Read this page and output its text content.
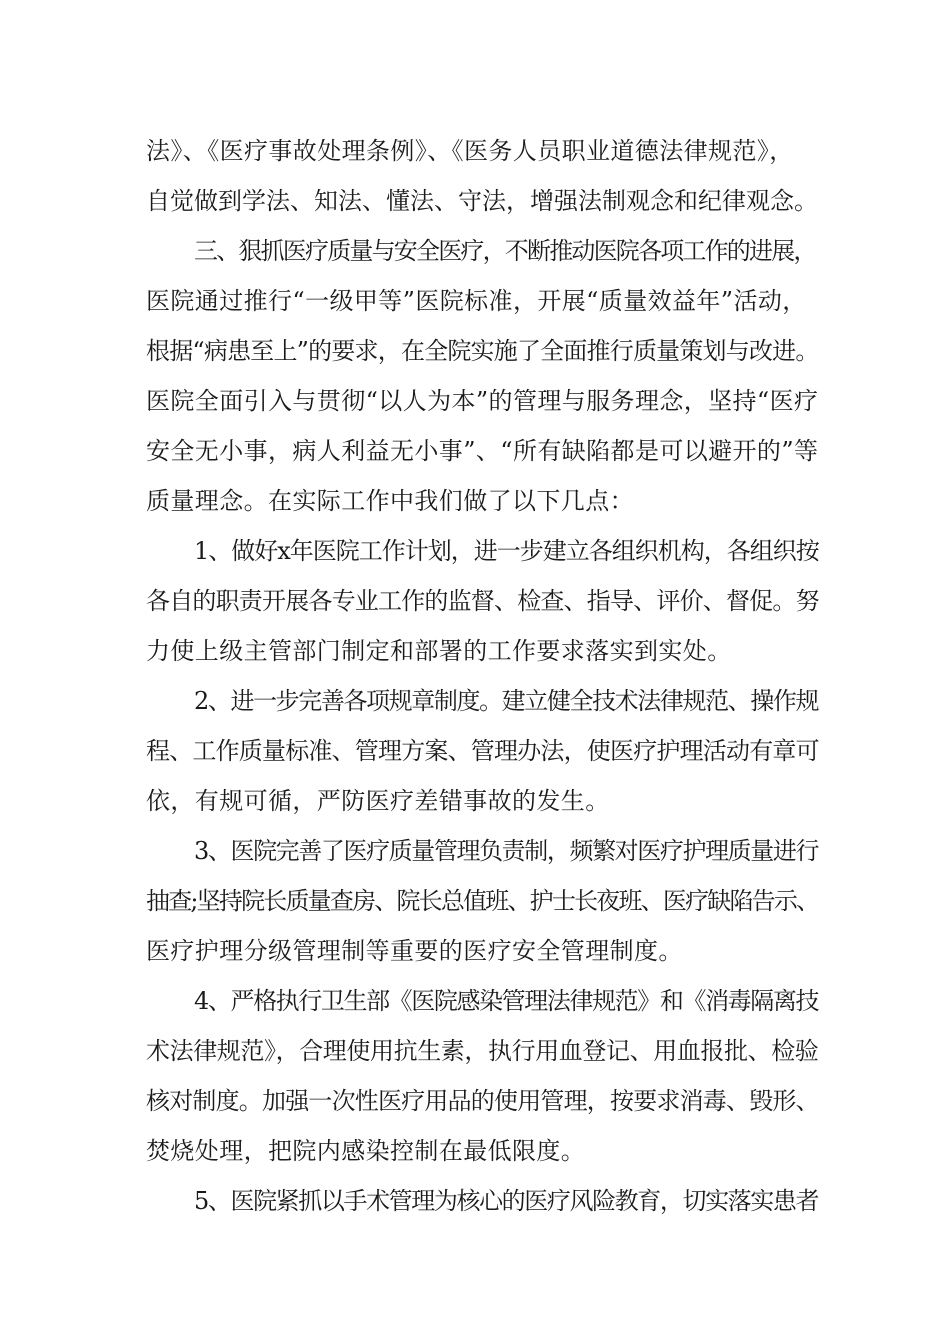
法》、《医疗事故处理条例》、《医务人员职业道德法律规范》，
自觉做到学法、知法、懂法、守法，增强法制观念和纪律观念。
三、狠抓医疗质量与安全医疗，不断推动医院各项工作的进展，
医院通过推行“一级甲等”医院标准，开展“质量效益年”活动，
根据“病患至上”的要求，在全院实施了全面推行质量策划与改进。
医院全面引入与贯彻“以人为本”的管理与服务理念，坚持“医疗
安全无小事，病人利益无小事”、“所有缺陷都是可以避开的”等
质量理念。在实际工作中我们做了以下几点：
1、做好x年医院工作计划，进一步建立各组织机构，各组织按
各自的职责开展各专业工作的监督、检查、指导、评价、督促。努
力使上级主管部门制定和部署的工作要求落实到实处。
2、进一步完善各项规章制度。建立健全技术法律规范、操作规
程、工作质量标准、管理方案、管理办法，使医疗护理活动有章可
依，有规可循，严防医疗差错事故的发生。
3、医院完善了医疗质量管理负责制，频繁对医疗护理质量进行
抽查;坚持院长质量查房、院长总值班、护士长夜班、医疗缺陷告示、
医疗护理分级管理制等重要的医疗安全管理制度。
4、严格执行卫生部《医院感染管理法律规范》和《消毒隔离技
术法律规范》，合理使用抗生素，执行用血登记、用血报批、检验
核对制度。加强一次性医疗用品的使用管理，按要求消毒、毁形、
焚烧处理，把院内感染控制在最低限度。
5、医院紧抓以手术管理为核心的医疗风险教育，切实落实患者
